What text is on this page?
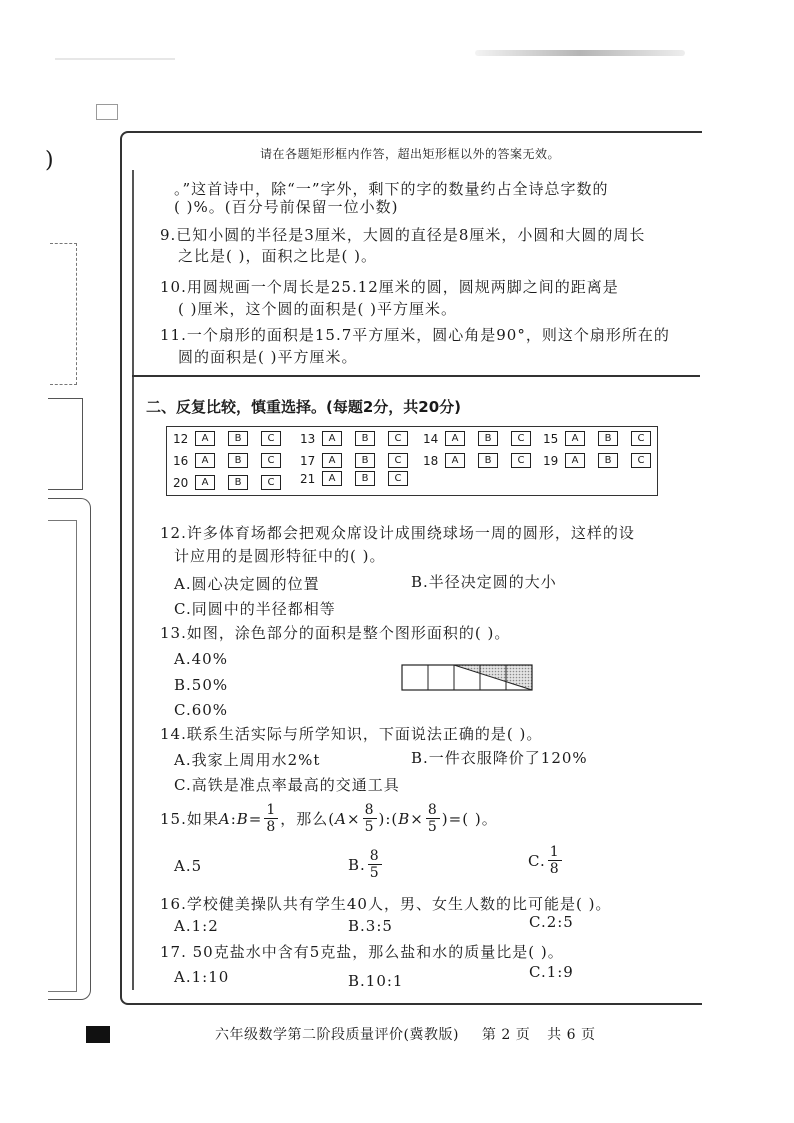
)	请在各题矩形框内作答，超出矩形框以外的答案无效。
。”这首诗中，除“一”字外，剩下的字的数量约占全诗总字数的
( )%。(百分号前保留一位小数)
9.已知小圆的半径是3厘米，大圆的直径是8厘米，小圆和大圆的周长
之比是( )，面积之比是( )。
10.用圆规画一个周长是25.12厘米的圆，圆规两脚之间的距离是
( )厘米，这个圆的面积是( )平方厘米。
11.一个扇形的面积是15.7平方厘米，圆心角是90°，则这个扇形所在的
圆的面积是( )平方厘米。
二、反复比较，慎重选择。(每题2分，共20分)
12	A	B	C	13	A	B	C	14	A	B	C	15	A	B	C
16	A	B	C	17	A	B	C	18	A	B	C	19	A	B	C
20	A	B	C	21	A	B	C
12.许多体育场都会把观众席设计成围绕球场一周的圆形，这样的设
计应用的是圆形特征中的( )。
A.圆心决定圆的位置	B.半径决定圆的大小
C.同圆中的半径都相等
13.如图，涂色部分的面积是整个图形面积的( )。
A.40%
B.50%
C.60%
14.联系生活实际与所学知识，下面说法正确的是( )。
A.我家上周用水2%t	B.一件衣服降价了120%
C.高铁是准点率最高的交通工具
15.如果 A : $B = \frac{1}{8}$ ，那么( $A \times \frac{8}{5}$ ):( $B \times \frac{8}{5}$ )=( )。
A.5	B. $\frac{8}{5}$	C. $\frac{1}{8}$
16.学校健美操队共有学生40人，男、女生人数的比可能是( )。
A.1:2	B.3:5	C.2:5
17. 50克盐水中含有5克盐，那么盐和水的质量比是( )。
A.1:10	B.10:1	C.1:9
六年级数学第二阶段质量评价(冀教版) 第 2 页 共 6 页
